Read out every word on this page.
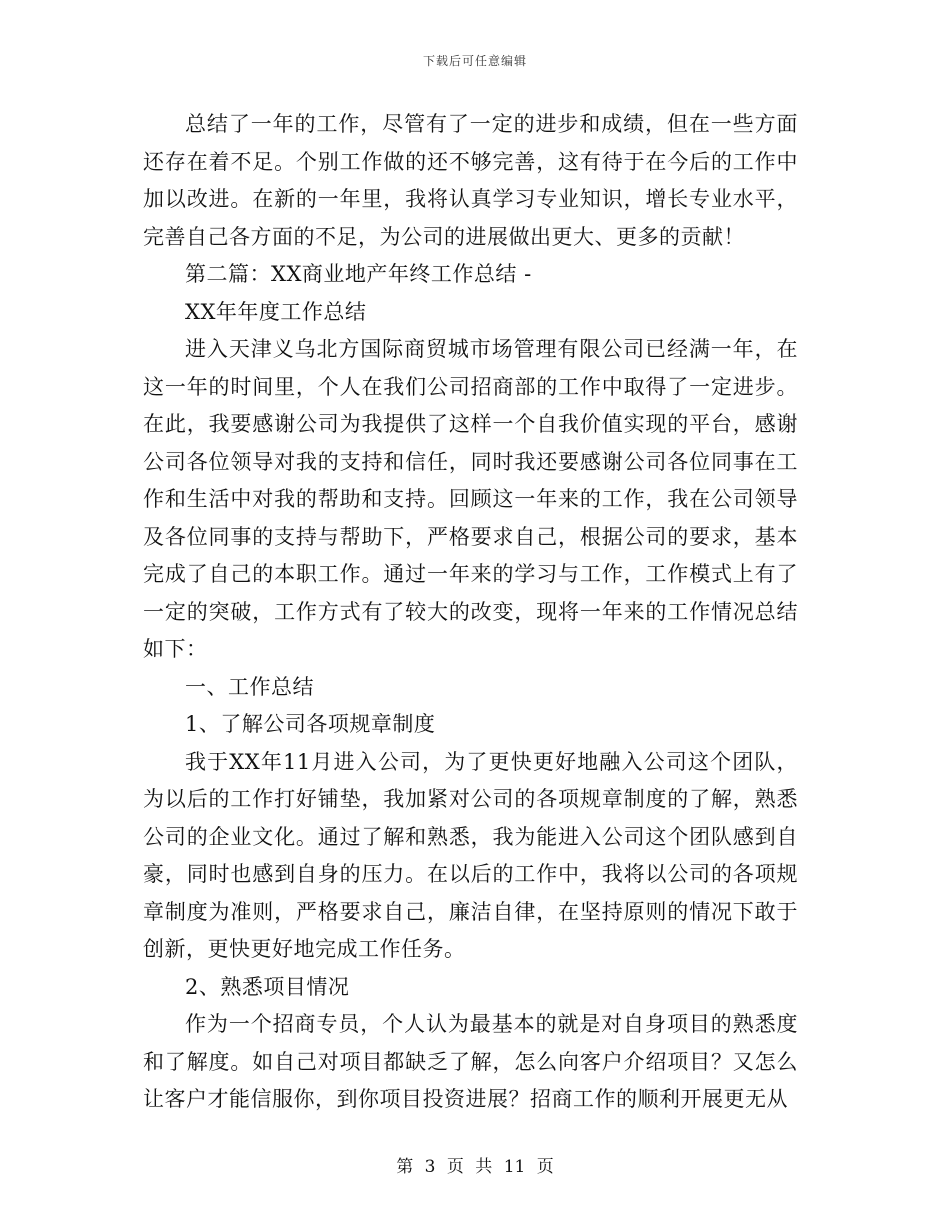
下载后可任意编辑

总结了一年的工作，尽管有了一定的进步和成绩，但在一些方面还存在着不足。个别工作做的还不够完善，这有待于在今后的工作中加以改进。在新的一年里，我将认真学习专业知识，增长专业水平，完善自己各方面的不足，为公司的进展做出更大、更多的贡献！

第二篇：XX商业地产年终工作总结 -

XX年年度工作总结

进入天津义乌北方国际商贸城市场管理有限公司已经满一年，在这一年的时间里，个人在我们公司招商部的工作中取得了一定进步。在此，我要感谢公司为我提供了这样一个自我价值实现的平台，感谢公司各位领导对我的支持和信任，同时我还要感谢公司各位同事在工作和生活中对我的帮助和支持。回顾这一年来的工作，我在公司领导及各位同事的支持与帮助下，严格要求自己，根据公司的要求，基本完成了自己的本职工作。通过一年来的学习与工作，工作模式上有了一定的突破，工作方式有了较大的改变，现将一年来的工作情况总结如下：

一、工作总结

1、了解公司各项规章制度

我于XX年11月进入公司，为了更快更好地融入公司这个团队，为以后的工作打好铺垫，我加紧对公司的各项规章制度的了解，熟悉公司的企业文化。通过了解和熟悉，我为能进入公司这个团队感到自豪，同时也感到自身的压力。在以后的工作中，我将以公司的各项规章制度为准则，严格要求自己，廉洁自律，在坚持原则的情况下敢于创新，更快更好地完成工作任务。

2、熟悉项目情况

作为一个招商专员，个人认为最基本的就是对自身项目的熟悉度和了解度。如自己对项目都缺乏了解，怎么向客户介绍项目？又怎么让客户才能信服你，到你项目投资进展？招商工作的顺利开展更无从

第 3 页 共 11 页
